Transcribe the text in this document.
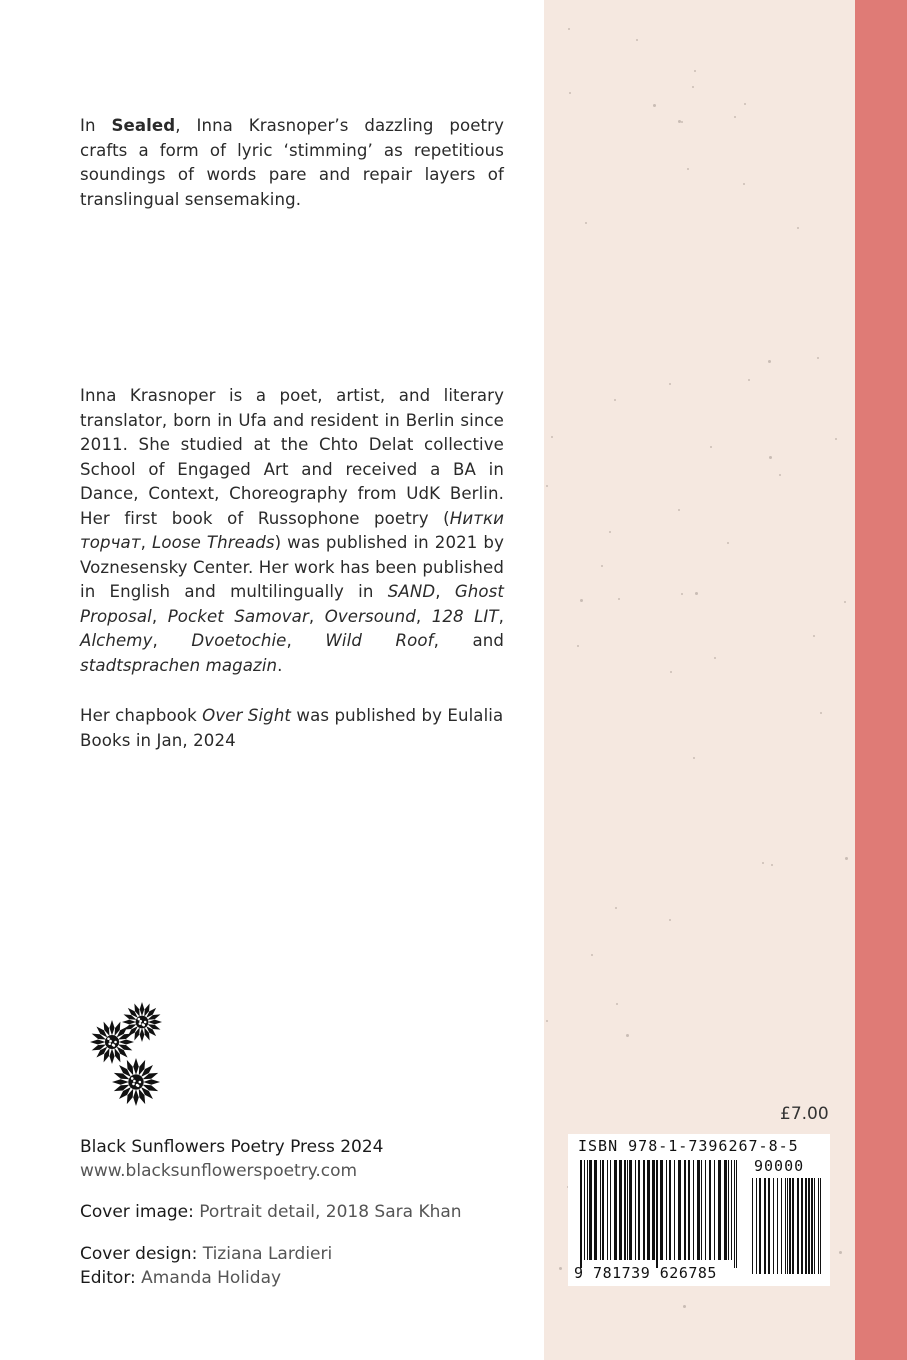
In Sealed, Inna Krasnoper’s dazzling poetry crafts a form of lyric ‘stimming’ as repetitious soundings of words pare and repair layers of translingual sensemaking.
Inna Krasnoper is a poet, artist, and literary translator, born in Ufa and resident in Berlin since 2011. She studied at the Chto Delat collective School of Engaged Art and received a BA in Dance, Context, Choreography from UdK Berlin. Her first book of Russophone poetry (Нитки торчат, Loose Threads) was published in 2021 by Voznesensky Center. Her work has been published in English and multilingually in SAND, Ghost Proposal, Pocket Samovar, Oversound, 128 LIT, Alchemy, Dvoetochie, Wild Roof, and stadtsprachen magazin.
Her chapbook Over Sight was published by Eulalia Books in Jan, 2024
Black Sunflowers Poetry Press 2024
www.blacksunflowerspoetry.com
Cover image: Portrait detail, 2018 Sara Khan
Cover design: Tiziana Lardieri
Editor: Amanda Holiday
£7.00
ISBN 978-1-7396267-8-5
90000
9 781739 626785
